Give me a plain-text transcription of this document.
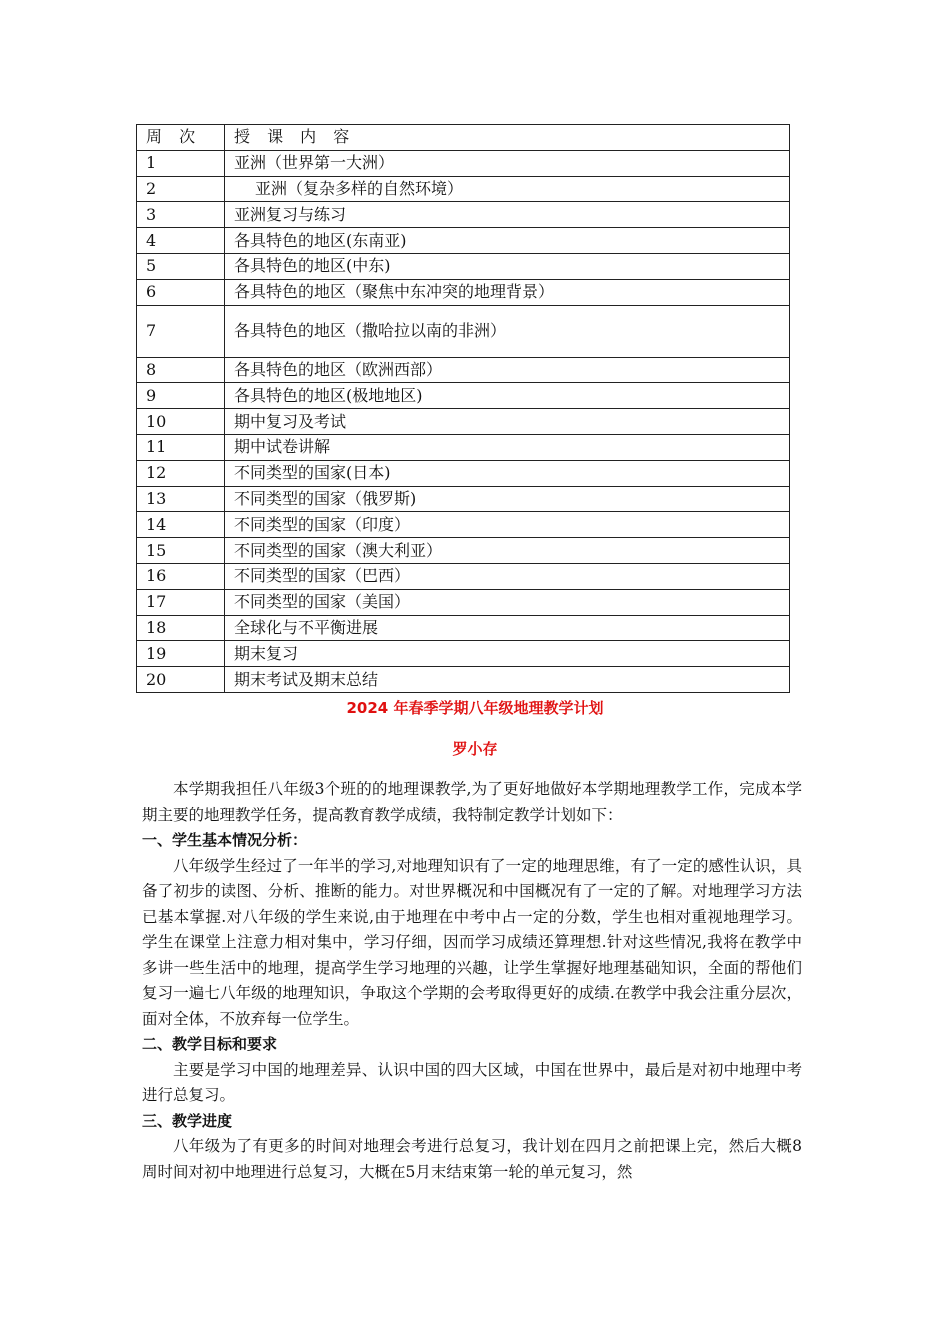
周 次	授 课 内 容
1	亚洲（世界第一大洲）
2	亚洲（复杂多样的自然环境）
3	亚洲复习与练习
4	各具特色的地区(东南亚)
5	各具特色的地区(中东)
6	各具特色的地区（聚焦中东冲突的地理背景）
7	各具特色的地区（撒哈拉以南的非洲）
8	各具特色的地区（欧洲西部）
9	各具特色的地区(极地地区)
10	期中复习及考试
11	期中试卷讲解
12	不同类型的国家(日本)
13	不同类型的国家（俄罗斯)
14	不同类型的国家（印度）
15	不同类型的国家（澳大利亚）
16	不同类型的国家（巴西）
17	不同类型的国家（美国）
18	全球化与不平衡进展
19	期末复习
20	期末考试及期末总结
2024 年春季学期八年级地理教学计划
罗小存

本学期我担任八年级3个班的的地理课教学,为了更好地做好本学期地理教学工作，完成本学期主要的地理教学任务，提高教育教学成绩，我特制定教学计划如下：

一、学生基本情况分析：

八年级学生经过了一年半的学习,对地理知识有了一定的地理思维，有了一定的感性认识，具备了初步的读图、分析、推断的能力。对世界概况和中国概况有了一定的了解。对地理学习方法已基本掌握.对八年级的学生来说,由于地理在中考中占一定的分数，学生也相对重视地理学习。学生在课堂上注意力相对集中，学习仔细，因而学习成绩还算理想.针对这些情况,我将在教学中多讲一些生活中的地理，提高学生学习地理的兴趣，让学生掌握好地理基础知识，全面的帮他们复习一遍七八年级的地理知识，争取这个学期的会考取得更好的成绩.在教学中我会注重分层次，面对全体，不放弃每一位学生。

二、教学目标和要求

主要是学习中国的地理差异、认识中国的四大区域，中国在世界中，最后是对初中地理中考进行总复习。

三、教学进度

八年级为了有更多的时间对地理会考进行总复习，我计划在四月之前把课上完，然后大概8周时间对初中地理进行总复习，大概在5月末结束第一轮的单元复习，然
